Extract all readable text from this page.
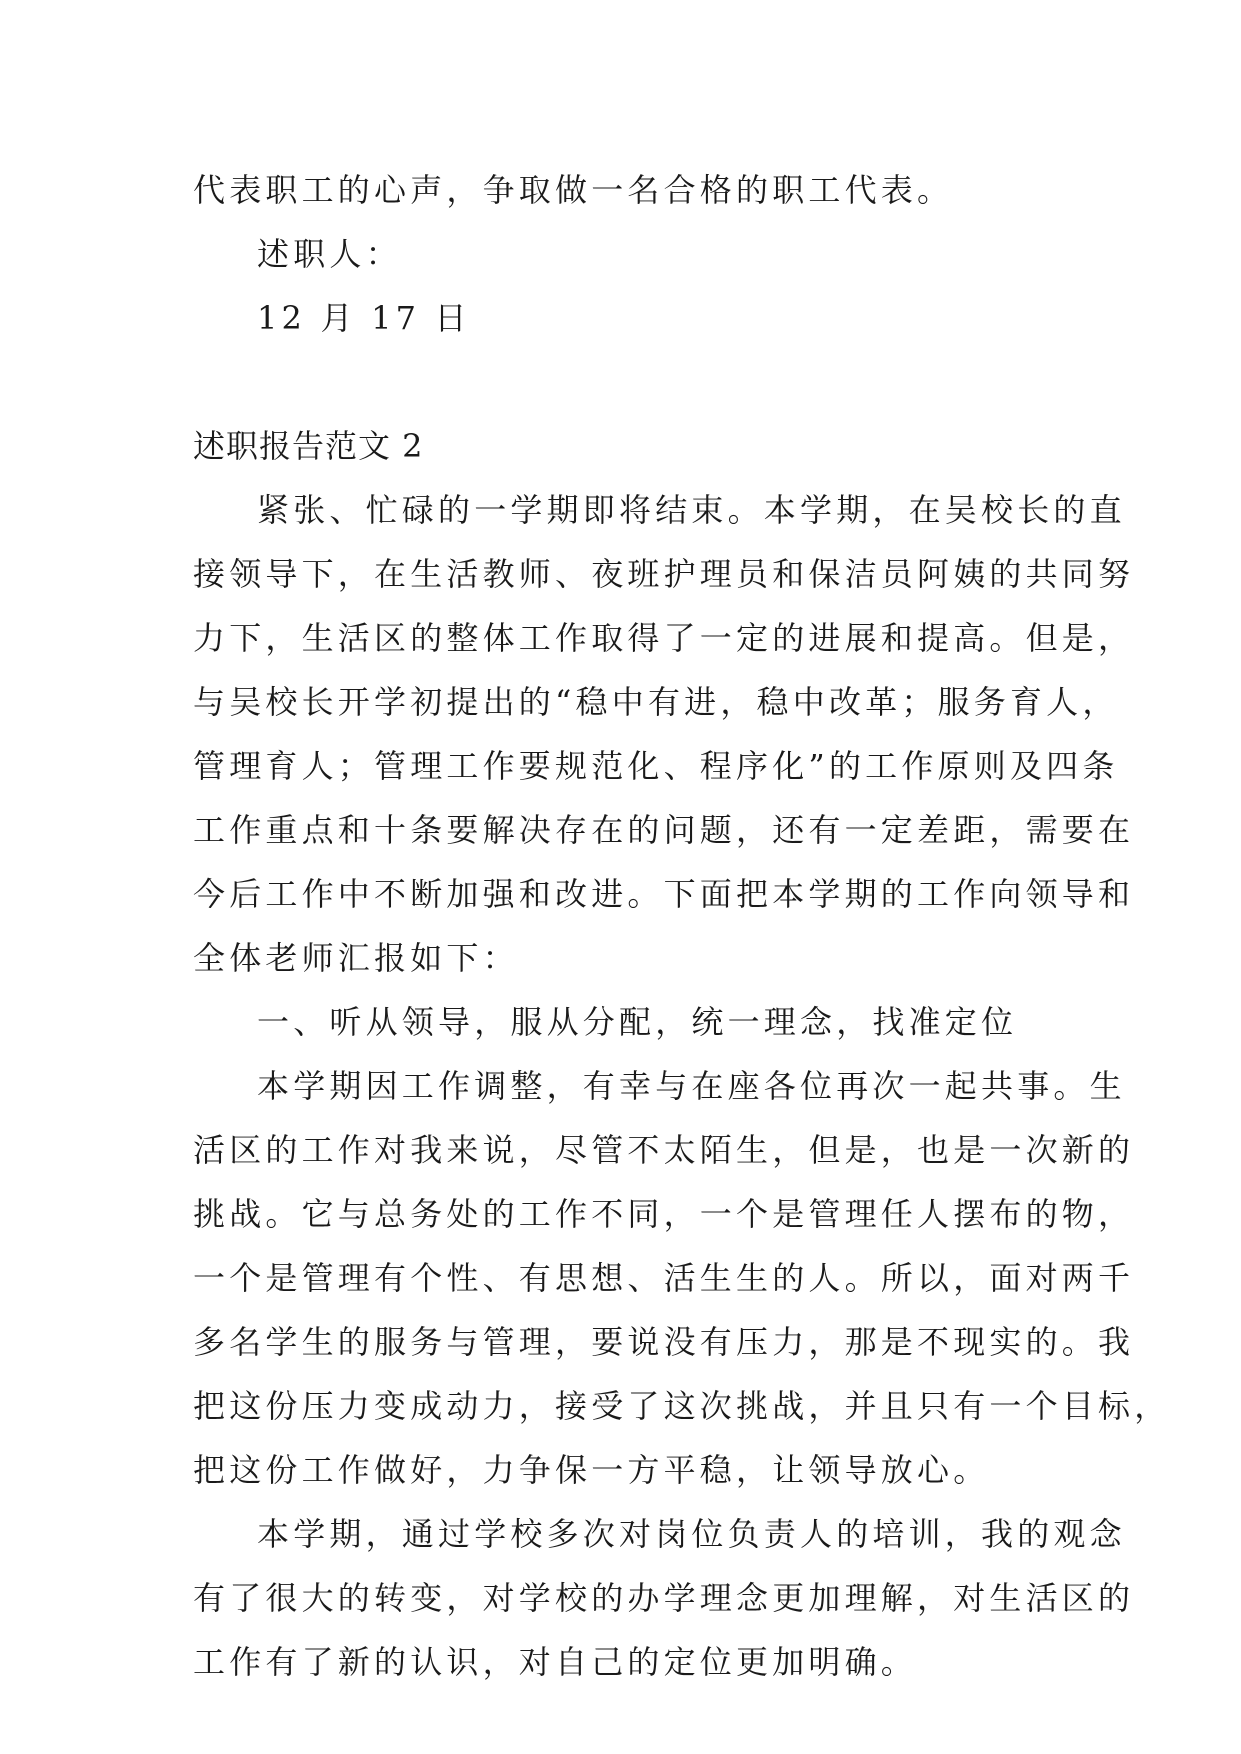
代表职工的心声，争取做一名合格的职工代表。
述职人：
12 月 17 日
述职报告范文 2
紧张、忙碌的一学期即将结束。本学期，在吴校长的直
接领导下，在生活教师、夜班护理员和保洁员阿姨的共同努
力下，生活区的整体工作取得了一定的进展和提高。但是，
与吴校长开学初提出的“稳中有进，稳中改革；服务育人，
管理育人；管理工作要规范化、程序化”的工作原则及四条
工作重点和十条要解决存在的问题，还有一定差距，需要在
今后工作中不断加强和改进。下面把本学期的工作向领导和
全体老师汇报如下：
一、听从领导，服从分配，统一理念，找准定位
本学期因工作调整，有幸与在座各位再次一起共事。生
活区的工作对我来说，尽管不太陌生，但是，也是一次新的
挑战。它与总务处的工作不同，一个是管理任人摆布的物，
一个是管理有个性、有思想、活生生的人。所以，面对两千
多名学生的服务与管理，要说没有压力，那是不现实的。我
把这份压力变成动力，接受了这次挑战，并且只有一个目标，
把这份工作做好，力争保一方平稳，让领导放心。
本学期，通过学校多次对岗位负责人的培训，我的观念
有了很大的转变，对学校的办学理念更加理解，对生活区的
工作有了新的认识，对自己的定位更加明确。
